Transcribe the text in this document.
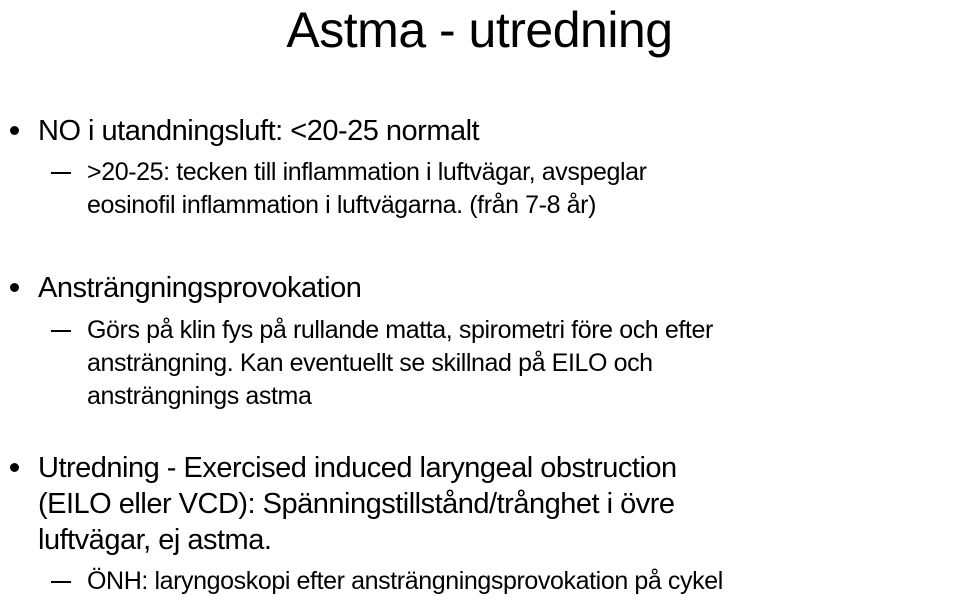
Astma - utredning
NO i utandningsluft: <20-25 normalt
>20-25: tecken till inflammation i luftvägar, avspeglar
eosinofil inflammation i luftvägarna. (från 7-8 år)
Ansträngningsprovokation
Görs på klin fys på rullande matta, spirometri före och efter
ansträngning. Kan eventuellt se skillnad på EILO och
ansträngnings astma
Utredning - Exercised induced laryngeal obstruction
(EILO eller VCD): Spänningstillstånd/trånghet i övre
luftvägar, ej astma.
ÖNH: laryngoskopi efter ansträngningsprovokation på cykel
